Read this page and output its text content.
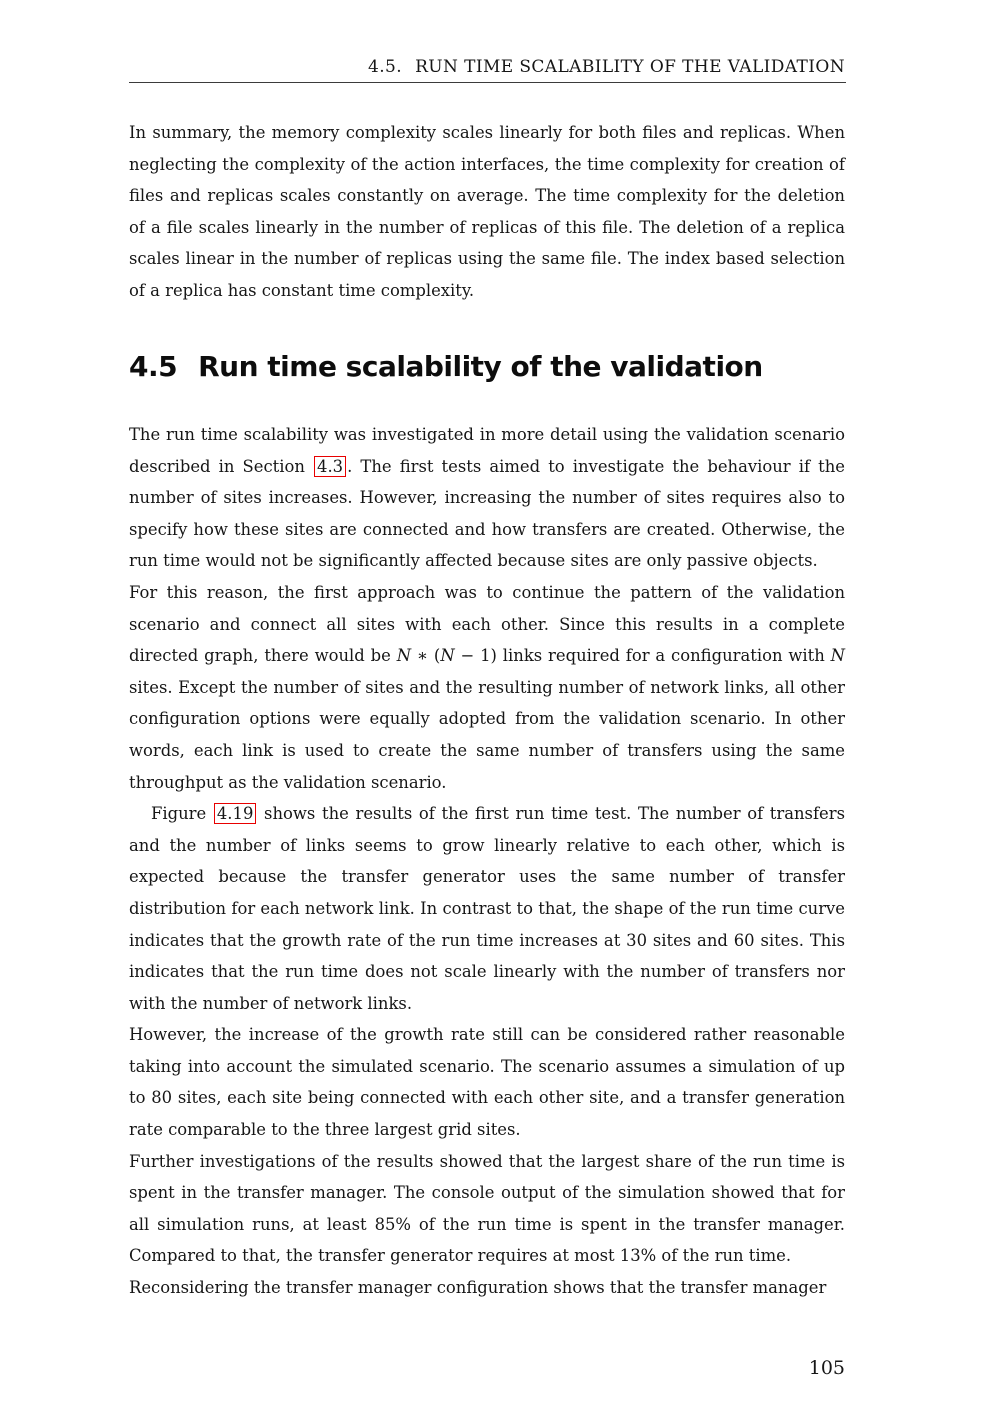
4.5. RUN TIME SCALABILITY OF THE VALIDATION

In summary, the memory complexity scales linearly for both files and replicas. When neglecting the complexity of the action interfaces, the time complexity for creation of files and replicas scales constantly on average. The time complexity for the deletion of a file scales linearly in the number of replicas of this file. The deletion of a replica scales linear in the number of replicas using the same file. The index based selection of a replica has constant time complexity.

4.5 Run time scalability of the validation

The run time scalability was investigated in more detail using the validation scenario described in Section 4.3 . The first tests aimed to investigate the behaviour if the number of sites increases. However, increasing the number of sites requires also to specify how these sites are connected and how transfers are created. Otherwise, the run time would not be significantly affected because sites are only passive objects.

For this reason, the first approach was to continue the pattern of the validation scenario and connect all sites with each other. Since this results in a complete directed graph, there would be N ∗ (N − 1) links required for a configuration with N sites. Except the number of sites and the resulting number of network links, all other configuration options were equally adopted from the validation scenario. In other words, each link is used to create the same number of transfers using the same throughput as the validation scenario.

Figure 4.19 shows the results of the first run time test. The number of transfers and the number of links seems to grow linearly relative to each other, which is expected because the transfer generator uses the same number of transfer distribution for each network link. In contrast to that, the shape of the run time curve indicates that the growth rate of the run time increases at 30 sites and 60 sites. This indicates that the run time does not scale linearly with the number of transfers nor with the number of network links.

However, the increase of the growth rate still can be considered rather reasonable taking into account the simulated scenario. The scenario assumes a simulation of up to 80 sites, each site being connected with each other site, and a transfer generation rate comparable to the three largest grid sites.

Further investigations of the results showed that the largest share of the run time is spent in the transfer manager. The console output of the simulation showed that for all simulation runs, at least 85% of the run time is spent in the transfer manager. Compared to that, the transfer generator requires at most 13% of the run time.

Reconsidering the transfer manager configuration shows that the transfer manager

105
